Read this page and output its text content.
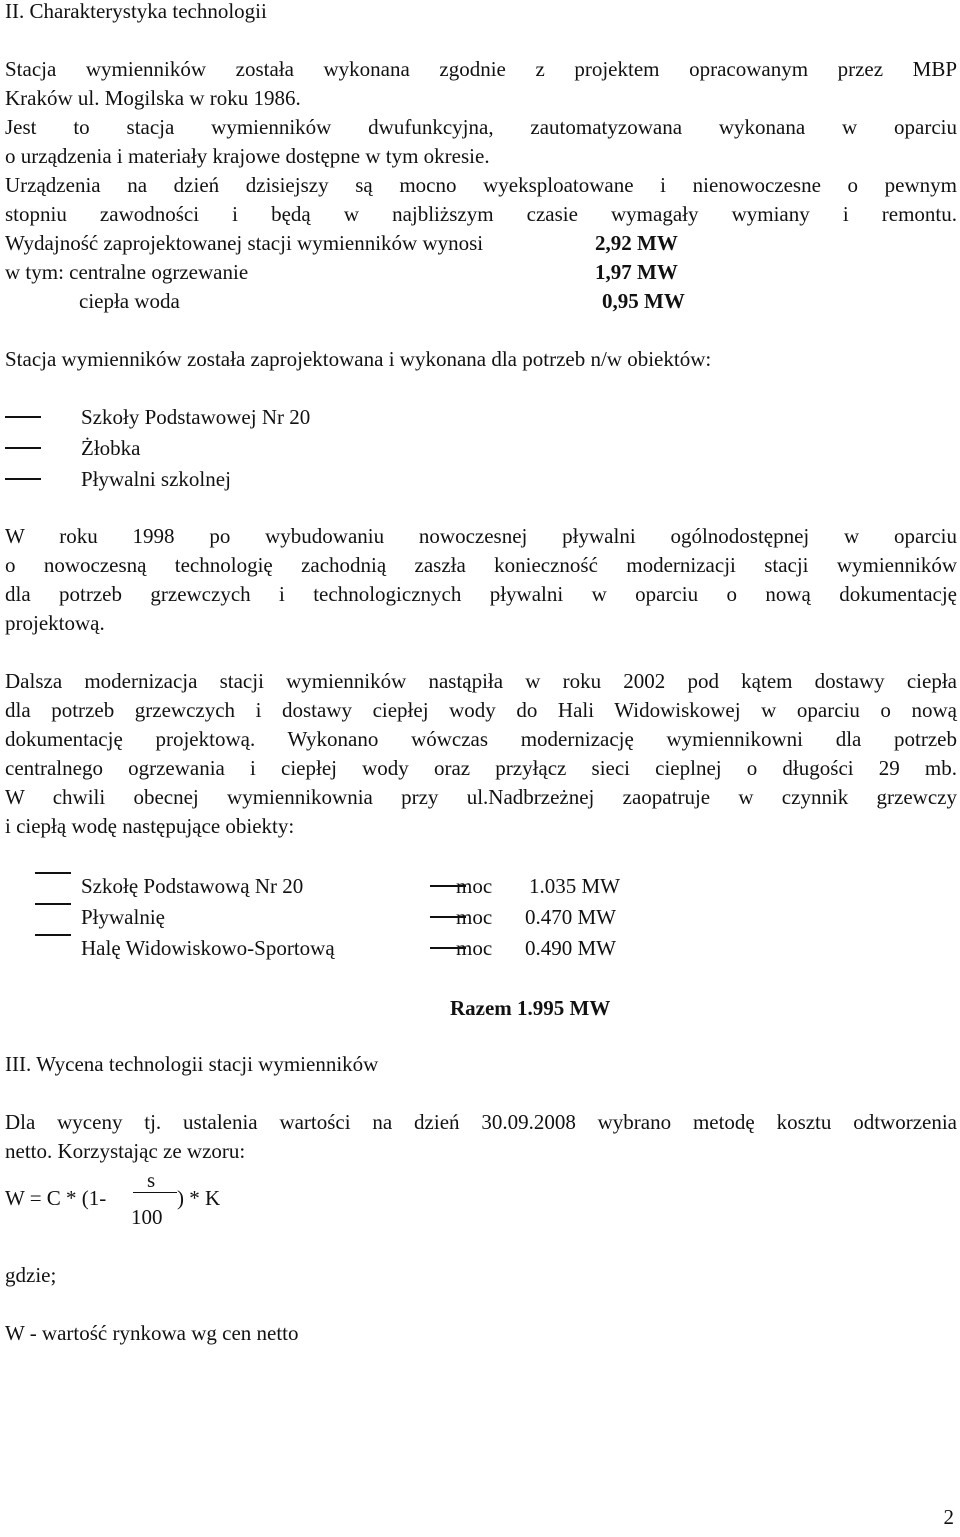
II. Charakterystyka technologii

Stacja wymienników została wykonana zgodnie z projektem opracowanym przez MBP

Kraków ul. Mogilska w roku 1986.

Jest to stacja wymienników dwufunkcyjna, zautomatyzowana wykonana w oparciu

o urządzenia i materiały krajowe dostępne w tym okresie.

Urządzenia na dzień dzisiejszy są mocno wyeksploatowane i nienowoczesne o pewnym

stopniu zawodności i będą w najbliższym czasie wymagały wymiany i remontu.

Wydajność zaprojektowanej stacji wymienników wynosi	2,92 MW
w tym: centralne ogrzewanie	1,97 MW
ciepła woda	0,95 MW
Stacja wymienników została zaprojektowana i wykonana dla potrzeb n/w obiektów:
Szkoły Podstawowej Nr 20
Żłobka
Pływalni szkolnej

W roku 1998 po wybudowaniu nowoczesnej pływalni ogólnodostępnej w oparciu

o nowoczesną technologię zachodnią zaszła konieczność modernizacji stacji wymienników

dla potrzeb grzewczych i technologicznych pływalni w oparciu o nową dokumentację

projektową.

Dalsza modernizacja stacji wymienników nastąpiła w roku 2002 pod kątem dostawy ciepła

dla potrzeb grzewczych i dostawy ciepłej wody do Hali Widowiskowej w oparciu o nową

dokumentację projektową. Wykonano wówczas modernizację wymiennikowni dla potrzeb

centralnego ogrzewania i ciepłej wody oraz przyłącz sieci cieplnej o długości 29 mb.

W chwili obecnej wymiennikownia przy ul.Nadbrzeżnej zaopatruje w czynnik grzewczy

i ciepłą wodę następujące obiekty:

Szkołę Podstawową Nr 20	moc 1.035 MW
Pływalnię	moc 0.470 MW
Halę Widowiskowo-Sportową	moc 0.490 MW
Razem 1.995 MW
III. Wycena technologii stacji wymienników

Dla wyceny tj. ustalenia wartości na dzień 30.09.2008 wybrano metodę kosztu odtworzenia

netto. Korzystając ze wzoru:

W = C * (1-
s
100
) * K
gdzie;
W - wartość rynkowa wg cen netto
2
